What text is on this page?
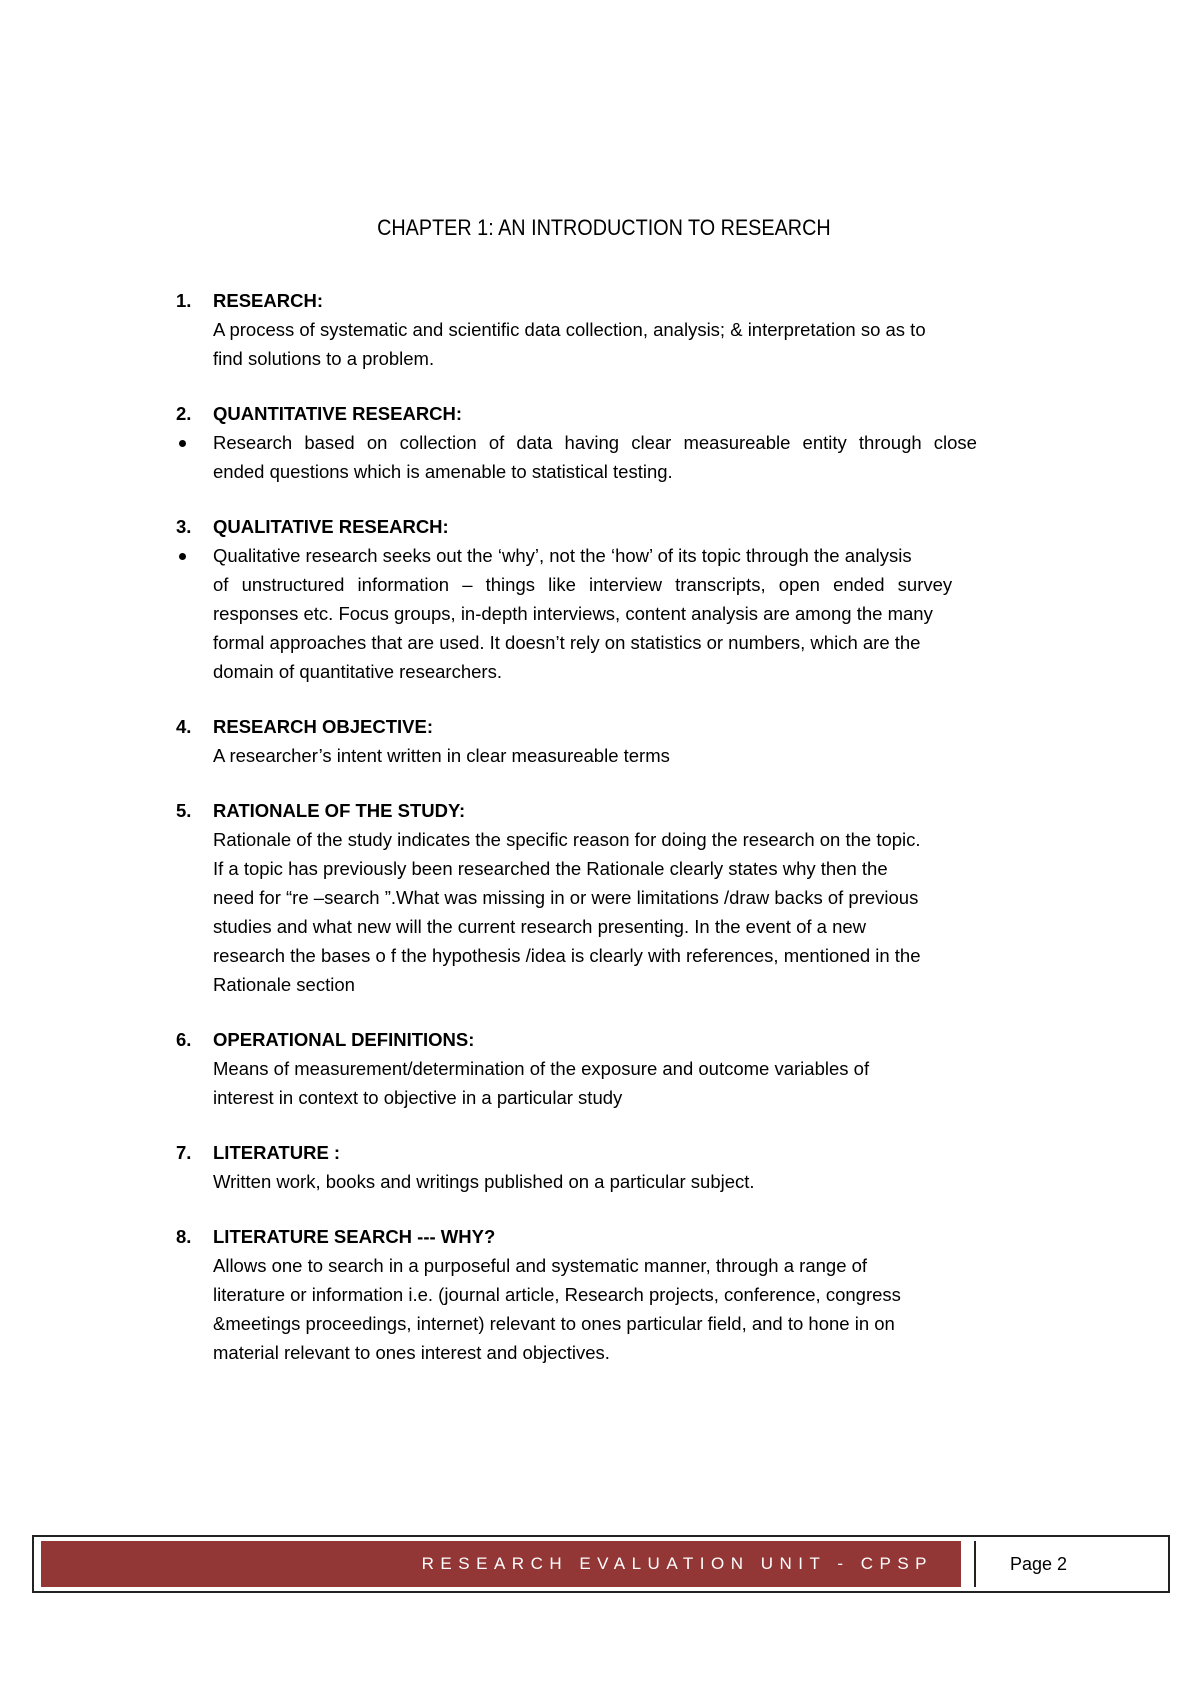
CHAPTER 1: AN INTRODUCTION TO RESEARCH
1. RESEARCH:
A process of systematic and scientific data collection, analysis; & interpretation so as to
find solutions to a problem.
2. QUANTITATIVE RESEARCH:
Research based on collection of data having clear measureable entity through close
ended questions which is amenable to statistical testing.
3. QUALITATIVE RESEARCH:
Qualitative research seeks out the ‘why’, not the ‘how’ of its topic through the analysis
of unstructured information – things like interview transcripts, open ended survey
responses etc. Focus groups, in-depth interviews, content analysis are among the many
formal approaches that are used. It doesn’t rely on statistics or numbers, which are the
domain of quantitative researchers.
4. RESEARCH OBJECTIVE:
A researcher’s intent written in clear measureable terms
5. RATIONALE OF THE STUDY:
Rationale of the study indicates the specific reason for doing the research on the topic.
If a topic has previously been researched the Rationale clearly states why then the
need for “re –search ”.What was missing in or were limitations /draw backs of previous
studies and what new will the current research presenting. In the event of a new
research the bases o f the hypothesis /idea is clearly with references, mentioned in the
Rationale section
6. OPERATIONAL DEFINITIONS:
Means of measurement/determination of the exposure and outcome variables of
interest in context to objective in a particular study
7. LITERATURE :
Written work, books and writings published on a particular subject.
8. LITERATURE SEARCH --- WHY?
Allows one to search in a purposeful and systematic manner, through a range of
literature or information i.e. (journal article, Research projects, conference, congress
&meetings proceedings, internet) relevant to ones particular field, and to hone in on
material relevant to ones interest and objectives.
RESEARCH EVALUATION UNIT - CPSP	Page 2
